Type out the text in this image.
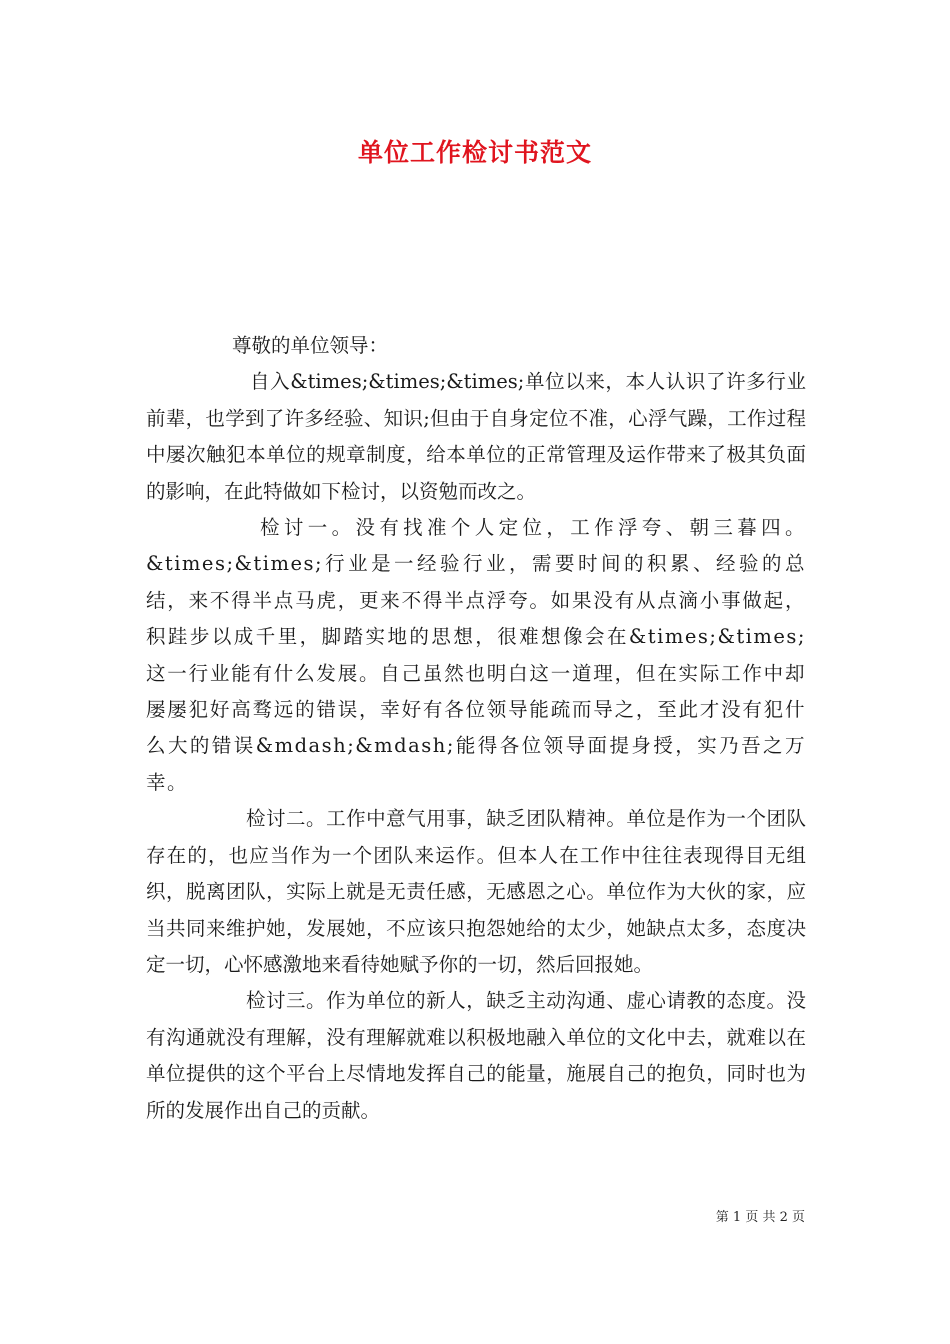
单位工作检讨书范文

尊敬的单位领导：

自入&times;&times;&times;单位以来，本人认识了许多行业前辈，也学到了许多经验、知识;但由于自身定位不准，心浮气躁，工作过程中屡次触犯本单位的规章制度，给本单位的正常管理及运作带来了极其负面的影响，在此特做如下检讨，以资勉而改之。

检讨一。没有找准个人定位，工作浮夸、朝三暮四。&times;&times;行业是一经验行业，需要时间的积累、经验的总结，来不得半点马虎，更来不得半点浮夸。如果没有从点滴小事做起，积跬步以成千里，脚踏实地的思想，很难想像会在&times;&times;这一行业能有什么发展。自己虽然也明白这一道理，但在实际工作中却屡屡犯好高骛远的错误，幸好有各位领导能疏而导之，至此才没有犯什么大的错误&mdash;&mdash;能得各位领导面提身授，实乃吾之万幸。

检讨二。工作中意气用事，缺乏团队精神。单位是作为一个团队存在的，也应当作为一个团队来运作。但本人在工作中往往表现得目无组织，脱离团队，实际上就是无责任感，无感恩之心。单位作为大伙的家，应当共同来维护她，发展她，不应该只抱怨她给的太少，她缺点太多，态度决定一切，心怀感激地来看待她赋予你的一切，然后回报她。

检讨三。作为单位的新人，缺乏主动沟通、虚心请教的态度。没有沟通就没有理解，没有理解就难以积极地融入单位的文化中去，就难以在单位提供的这个平台上尽情地发挥自己的能量，施展自己的抱负，同时也为所的发展作出自己的贡献。

第 1 页 共 2 页
